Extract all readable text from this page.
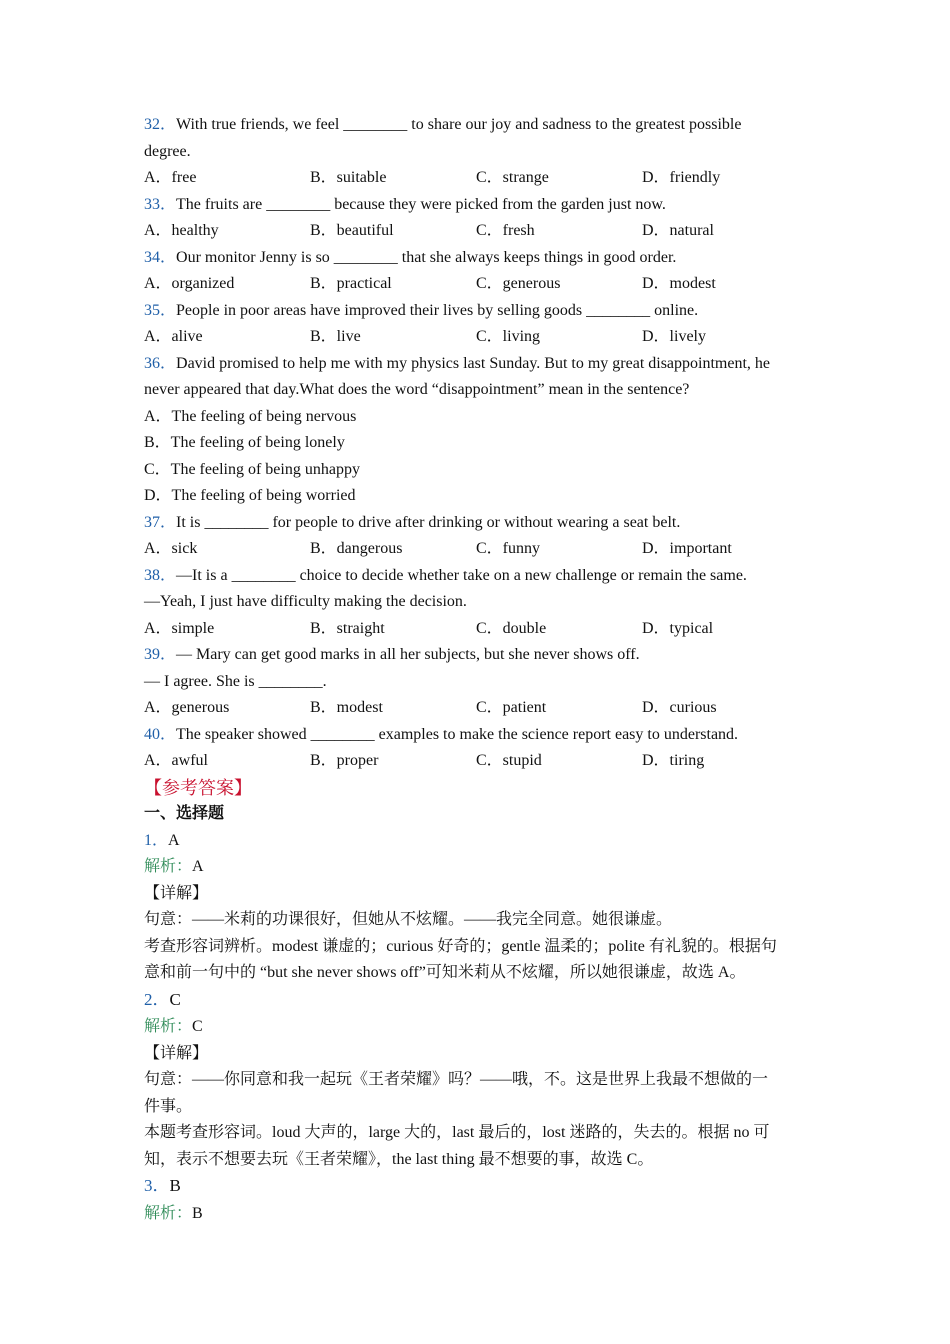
32．With true friends, we feel ________ to share our joy and sadness to the greatest possible
degree.
A．free	B．suitable	C．strange	D．friendly
33．The fruits are ________ because they were picked from the garden just now.
A．healthy	B．beautiful	C．fresh	D．natural
34．Our monitor Jenny is so ________ that she always keeps things in good order.
A．organized	B．practical	C．generous	D．modest
35．People in poor areas have improved their lives by selling goods ________ online.
A．alive	B．live	C．living	D．lively
36．David promised to help me with my physics last Sunday. But to my great disappointment, he
never appeared that day.What does the word “disappointment” mean in the sentence?
A．The feeling of being nervous
B．The feeling of being lonely
C．The feeling of being unhappy
D．The feeling of being worried
37．It is ________ for people to drive after drinking or without wearing a seat belt.
A．sick	B．dangerous	C．funny	D．important
38．—It is a ________ choice to decide whether take on a new challenge or remain the same.
—Yeah, I just have difficulty making the decision.
A．simple	B．straight	C．double	D．typical
39．— Mary can get good marks in all her subjects, but she never shows off.
— I agree. She is ________.
A．generous	B．modest	C．patient	D．curious
40．The speaker showed ________ examples to make the science report easy to understand.
A．awful	B．proper	C．stupid	D．tiring
【参考答案】
一、选择题
1．A
解析：A
【详解】
句意：——米莉的功课很好，但她从不炫耀。——我完全同意。她很谦虚。
考查形容词辨析。modest 谦虚的；curious 好奇的；gentle 温柔的；polite 有礼貌的。根据句
意和前一句中的 “but she never shows off”可知米莉从不炫耀，所以她很谦虚，故选 A。
2．C
解析：C
【详解】
句意：——你同意和我一起玩《王者荣耀》吗？——哦，不。这是世界上我最不想做的一
件事。
本题考查形容词。loud 大声的，large 大的，last 最后的，lost 迷路的，失去的。根据 no 可
知，表示不想要去玩《王者荣耀》，the last thing 最不想要的事，故选 C。
3．B
解析：B
